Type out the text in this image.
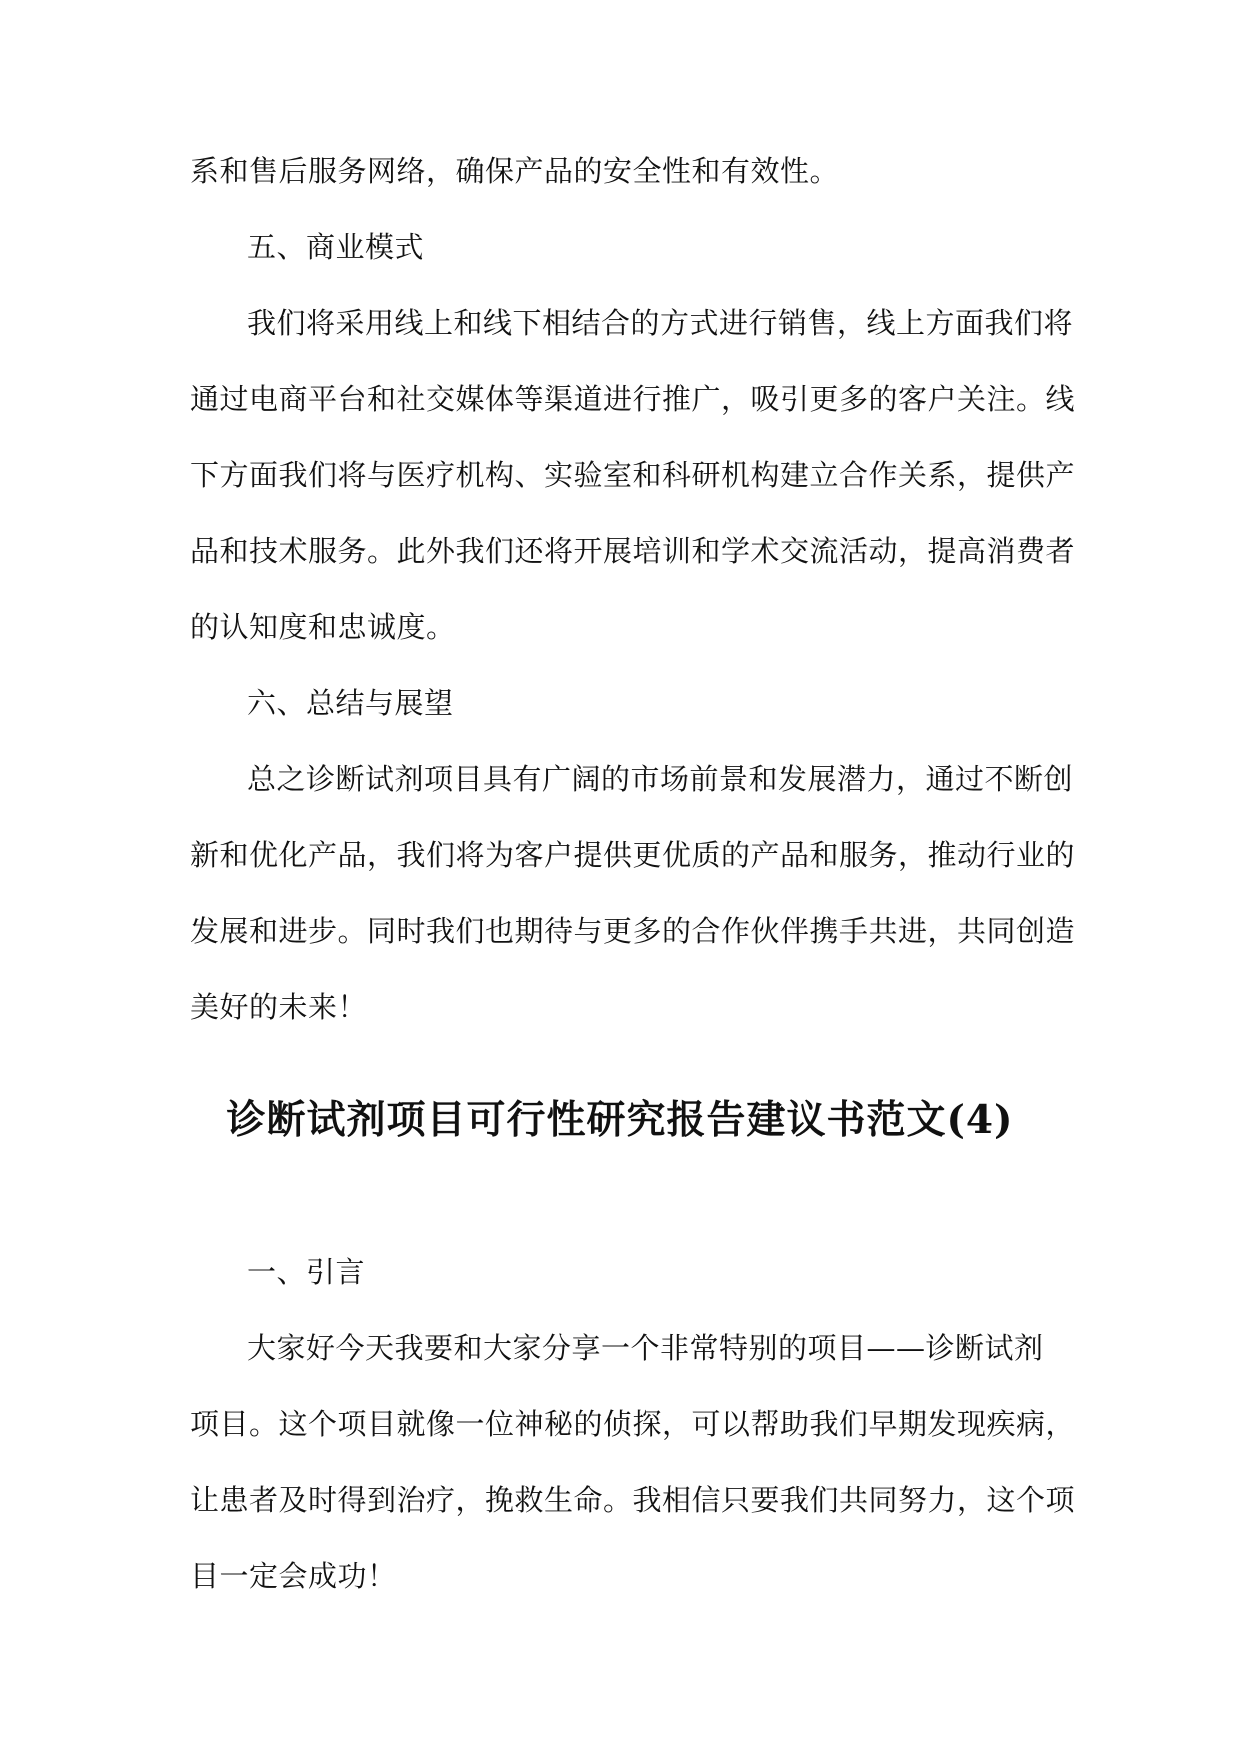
系和售后服务网络，确保产品的安全性和有效性。
五、商业模式
我们将采用线上和线下相结合的方式进行销售，线上方面我们将
通过电商平台和社交媒体等渠道进行推广，吸引更多的客户关注。线
下方面我们将与医疗机构、实验室和科研机构建立合作关系，提供产
品和技术服务。此外我们还将开展培训和学术交流活动，提高消费者
的认知度和忠诚度。
六、总结与展望
总之诊断试剂项目具有广阔的市场前景和发展潜力，通过不断创
新和优化产品，我们将为客户提供更优质的产品和服务，推动行业的
发展和进步。同时我们也期待与更多的合作伙伴携手共进，共同创造
美好的未来！
诊断试剂项目可行性研究报告建议书范文(4)
一、引言
大家好今天我要和大家分享一个非常特别的项目——诊断试剂
项目。这个项目就像一位神秘的侦探，可以帮助我们早期发现疾病，
让患者及时得到治疗，挽救生命。我相信只要我们共同努力，这个项
目一定会成功！
